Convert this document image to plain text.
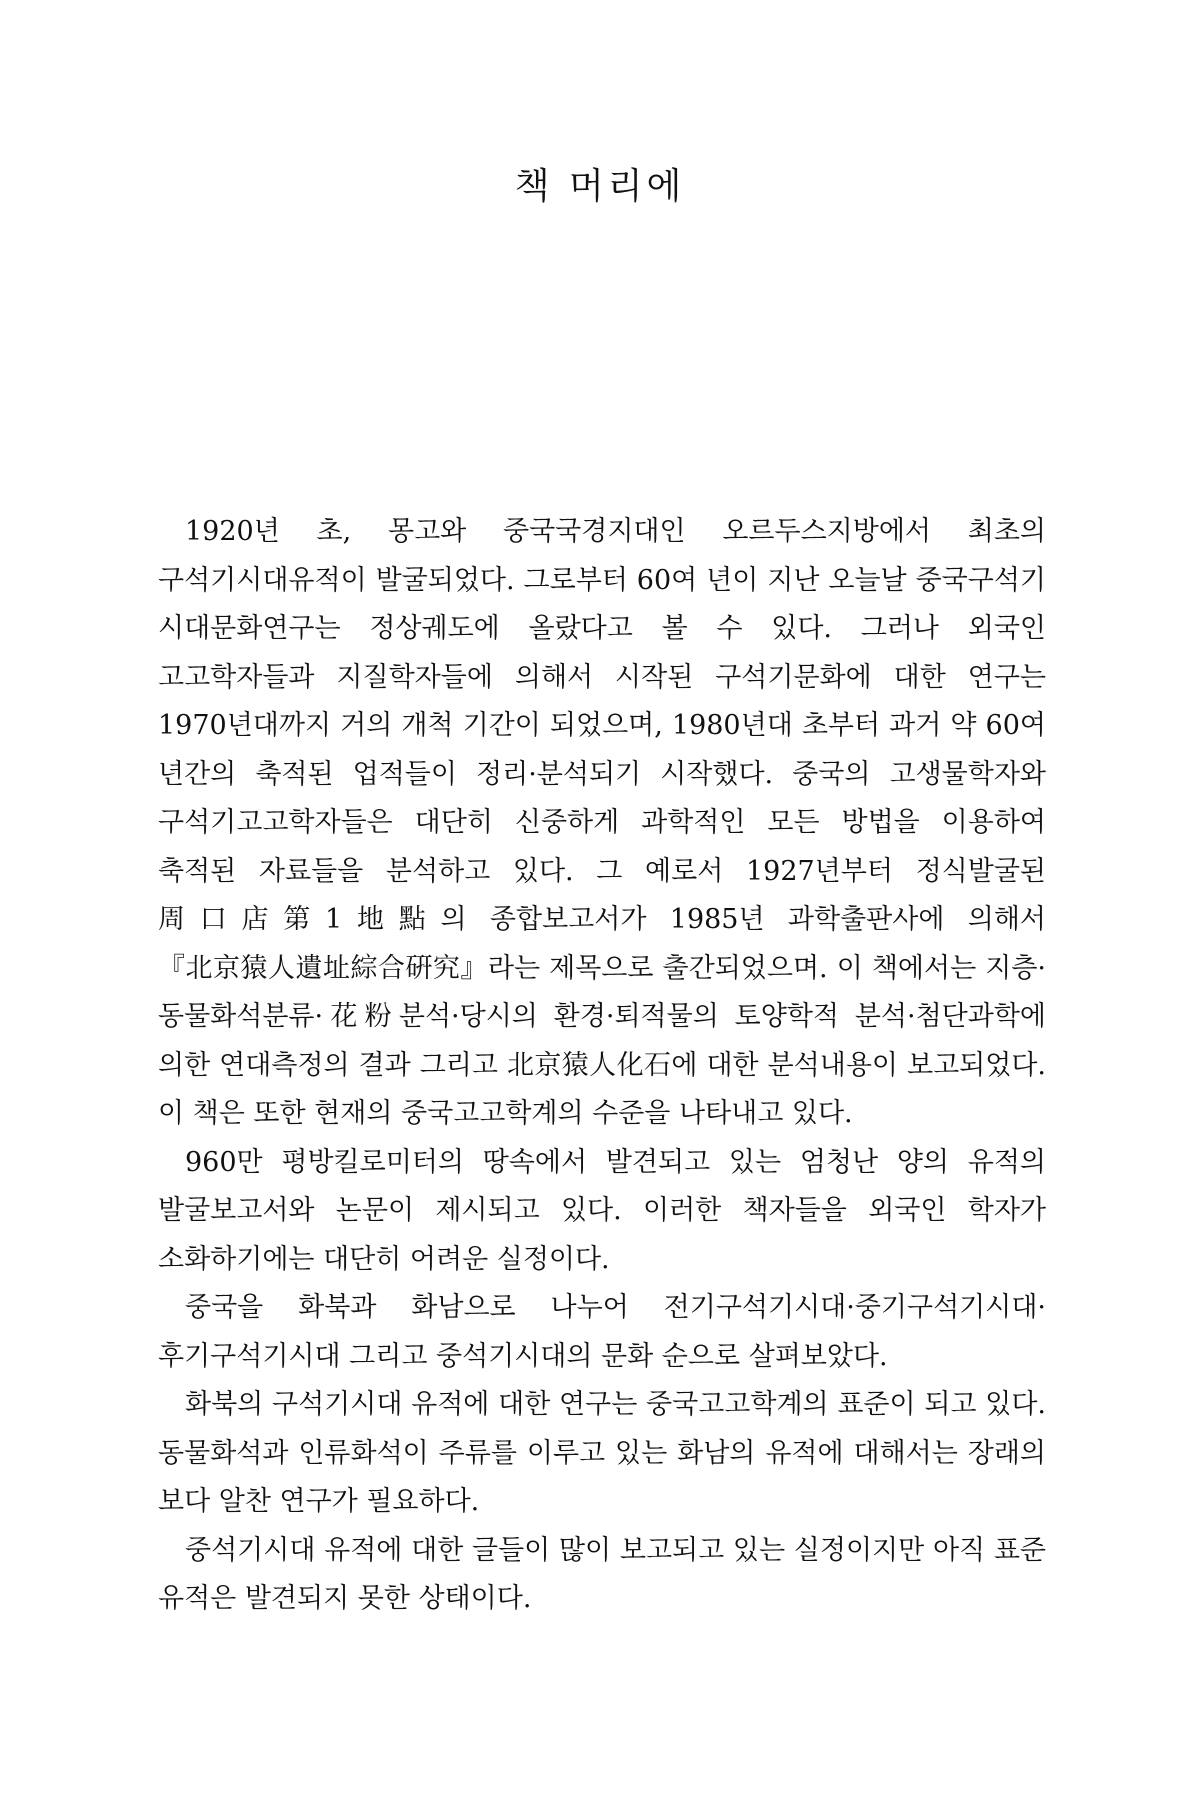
책 머리에

1920년 초, 몽고와 중국국경지대인 오르두스지방에서 최초의 구석기시대유적이 발굴되었다. 그로부터 60여 년이 지난 오늘날 중국구석기 시대문화연구는 정상궤도에 올랐다고 볼 수 있다. 그러나 외국인 고고학자들과 지질학자들에 의해서 시작된 구석기문화에 대한 연구는 1970년대까지 거의 개척 기간이 되었으며, 1980년대 초부터 과거 약 60여 년간의 축적된 업적들이 정리·분석되기 시작했다. 중국의 고생물학자와 구석기고고학자들은 대단히 신중하게 과학적인 모든 방법을 이용하여 축적된 자료들을 분석하고 있다. 그 예로서 1927년부터 정식발굴된 周口店第1地點의 종합보고서가 1985년 과학출판사에 의해서 『北京猿人遺址綜合硏究』라는 제목으로 출간되었으며. 이 책에서는 지층·동물화석분류·花粉분석·당시의 환경·퇴적물의 토양학적 분석·첨단과학에 의한 연대측정의 결과 그리고 北京猿人化石에 대한 분석내용이 보고되었다. 이 책은 또한 현재의 중국고고학계의 수준을 나타내고 있다.

960만 평방킬로미터의 땅속에서 발견되고 있는 엄청난 양의 유적의 발굴보고서와 논문이 제시되고 있다. 이러한 책자들을 외국인 학자가 소화하기에는 대단히 어려운 실정이다.

중국을 화북과 화남으로 나누어 전기구석기시대·중기구석기시대·후기구석기시대 그리고 중석기시대의 문화 순으로 살펴보았다.

화북의 구석기시대 유적에 대한 연구는 중국고고학계의 표준이 되고 있다. 동물화석과 인류화석이 주류를 이루고 있는 화남의 유적에 대해서는 장래의 보다 알찬 연구가 필요하다.

중석기시대 유적에 대한 글들이 많이 보고되고 있는 실정이지만 아직 표준 유적은 발견되지 못한 상태이다.
